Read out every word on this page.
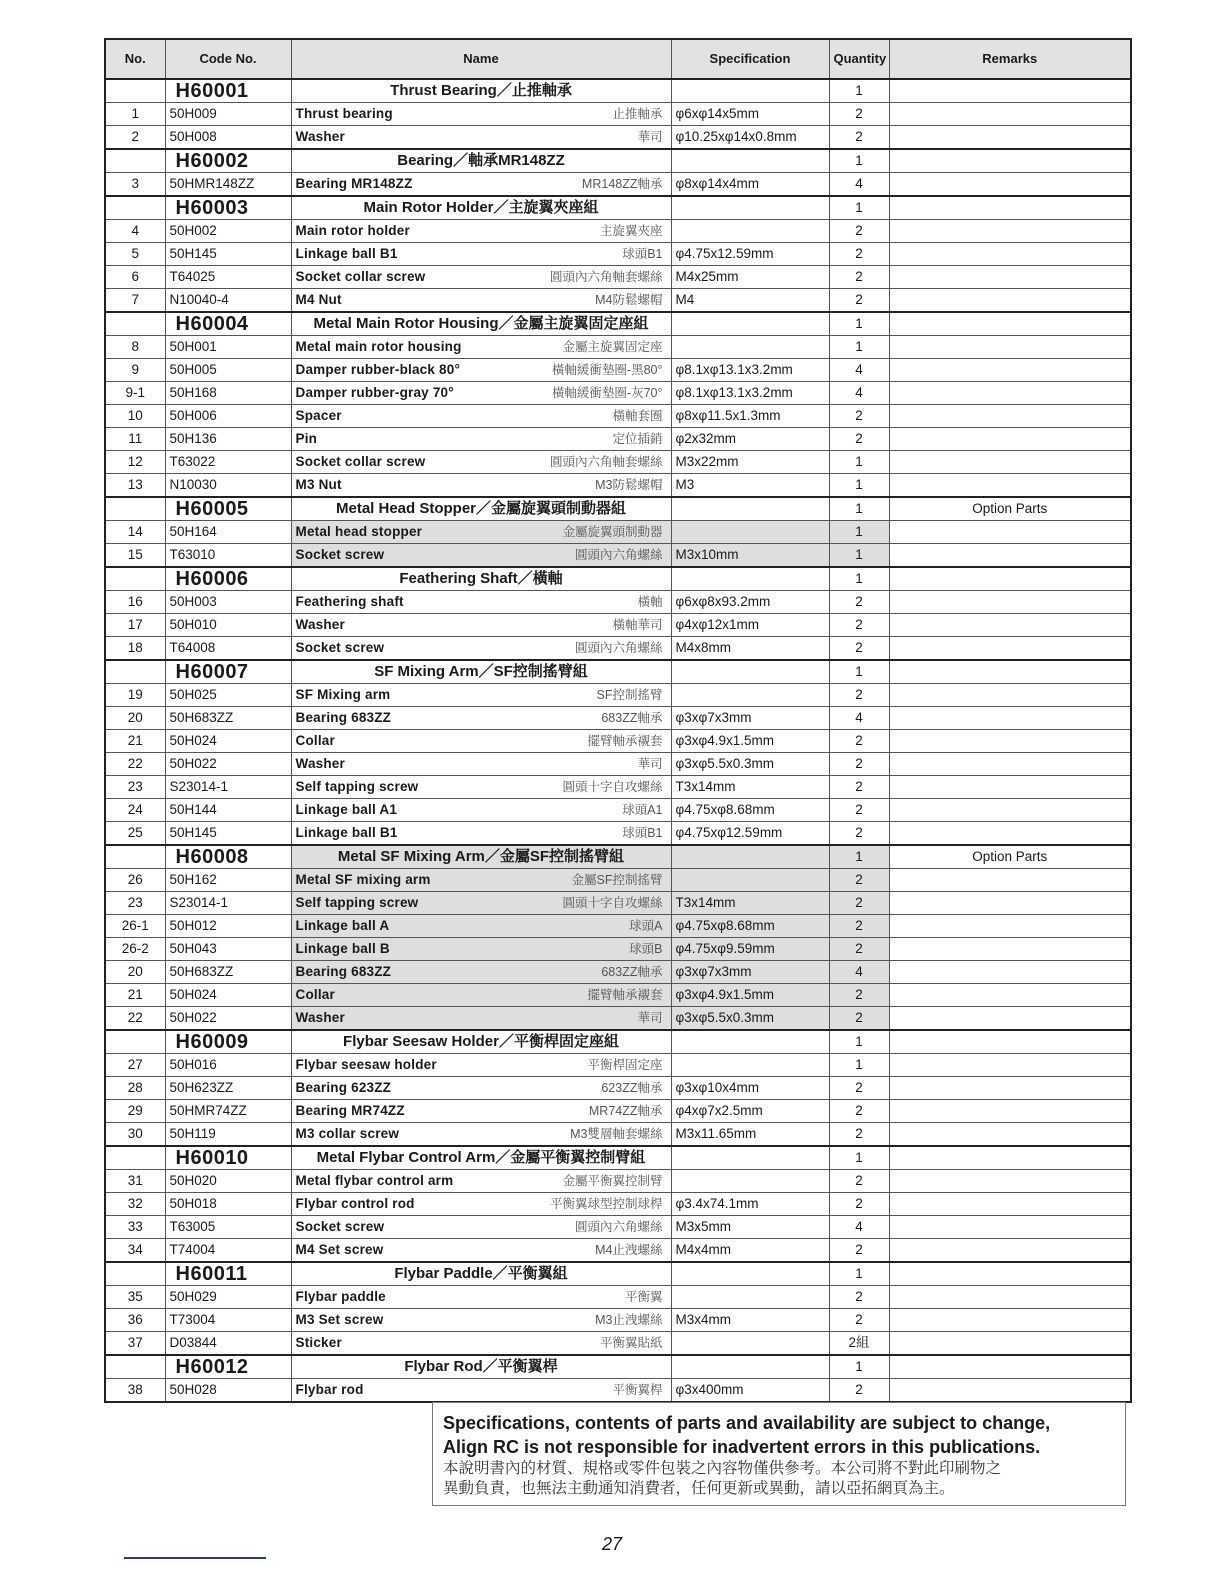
No.	Code No.	Name	Specification	Quantity	Remarks
	H60001	Thrust Bearing／止推軸承		1	
1	50H009	Thrust bearing 止推軸承	φ6xφ14x5mm	2	
2	50H008	Washer 華司	φ10.25xφ14x0.8mm	2	
	H60002	Bearing／軸承MR148ZZ		1	
3	50HMR148ZZ	Bearing MR148ZZ MR148ZZ軸承	φ8xφ14x4mm	4	
	H60003	Main Rotor Holder／主旋翼夾座組		1	
4	50H002	Main rotor holder 主旋翼夾座		2	
5	50H145	Linkage ball B1 球頭B1	φ4.75x12.59mm	2	
6	T64025	Socket collar screw 圓頭內六角軸套螺絲	M4x25mm	2	
7	N10040-4	M4 Nut M4防鬆螺帽	M4	2	
	H60004	Metal Main Rotor Housing／金屬主旋翼固定座組		1	
8	50H001	Metal main rotor housing 金屬主旋翼固定座		1	
9	50H005	Damper rubber-black 80° 橫軸緩衝墊圈-黑80°	φ8.1xφ13.1x3.2mm	4	
9-1	50H168	Damper rubber-gray 70° 橫軸緩衝墊圈-灰70°	φ8.1xφ13.1x3.2mm	4	
10	50H006	Spacer 橫軸套圈	φ8xφ11.5x1.3mm	2	
11	50H136	Pin 定位插銷	φ2x32mm	2	
12	T63022	Socket collar screw 圓頭內六角軸套螺絲	M3x22mm	1	
13	N10030	M3 Nut M3防鬆螺帽	M3	1	
	H60005	Metal Head Stopper／金屬旋翼頭制動器組		1	Option Parts
14	50H164	Metal head stopper 金屬旋翼頭制動器		1	
15	T63010	Socket screw 圓頭內六角螺絲	M3x10mm	1	
	H60006	Feathering Shaft／橫軸		1	
16	50H003	Feathering shaft 橫軸	φ6xφ8x93.2mm	2	
17	50H010	Washer 橫軸華司	φ4xφ12x1mm	2	
18	T64008	Socket screw 圓頭內六角螺絲	M4x8mm	2	
	H60007	SF Mixing Arm／SF控制搖臂組		1	
19	50H025	SF Mixing arm SF控制搖臂		2	
20	50H683ZZ	Bearing 683ZZ 683ZZ軸承	φ3xφ7x3mm	4	
21	50H024	Collar 擺臂軸承襯套	φ3xφ4.9x1.5mm	2	
22	50H022	Washer 華司	φ3xφ5.5x0.3mm	2	
23	S23014-1	Self tapping screw 圓頭十字自攻螺絲	T3x14mm	2	
24	50H144	Linkage ball A1 球頭A1	φ4.75xφ8.68mm	2	
25	50H145	Linkage ball B1 球頭B1	φ4.75xφ12.59mm	2	
	H60008	Metal SF Mixing Arm／金屬SF控制搖臂組		1	Option Parts
26	50H162	Metal SF mixing arm 金屬SF控制搖臂		2	
23	S23014-1	Self tapping screw 圓頭十字自攻螺絲	T3x14mm	2	
26-1	50H012	Linkage ball A 球頭A	φ4.75xφ8.68mm	2	
26-2	50H043	Linkage ball B 球頭B	φ4.75xφ9.59mm	2	
20	50H683ZZ	Bearing 683ZZ 683ZZ軸承	φ3xφ7x3mm	4	
21	50H024	Collar 擺臂軸承襯套	φ3xφ4.9x1.5mm	2	
22	50H022	Washer 華司	φ3xφ5.5x0.3mm	2	
	H60009	Flybar Seesaw Holder／平衡桿固定座組		1	
27	50H016	Flybar seesaw holder 平衡桿固定座		1	
28	50H623ZZ	Bearing 623ZZ 623ZZ軸承	φ3xφ10x4mm	2	
29	50HMR74ZZ	Bearing MR74ZZ MR74ZZ軸承	φ4xφ7x2.5mm	2	
30	50H119	M3 collar screw M3雙層軸套螺絲	M3x11.65mm	2	
	H60010	Metal Flybar Control Arm／金屬平衡翼控制臂組		1	
31	50H020	Metal flybar control arm 金屬平衡翼控制臂		2	
32	50H018	Flybar control rod 平衡翼球型控制球桿	φ3.4x74.1mm	2	
33	T63005	Socket screw 圓頭內六角螺絲	M3x5mm	4	
34	T74004	M4 Set screw M4止洩螺絲	M4x4mm	2	
	H60011	Flybar Paddle／平衡翼組		1	
35	50H029	Flybar paddle 平衡翼		2	
36	T73004	M3 Set screw M3止洩螺絲	M3x4mm	2	
37	D03844	Sticker 平衡翼貼紙		2組	
	H60012	Flybar Rod／平衡翼桿		1	
38	50H028	Flybar rod 平衡翼桿	φ3x400mm	2	
Specifications, contents of parts and availability are subject to change,
Align RC is not responsible for inadvertent errors in this publications.
本說明書內的材質、規格或零件包裝之內容物僅供參考。本公司將不對此印刷物之
異動負責，也無法主動通知消費者，任何更新或異動，請以亞拓網頁為主。
27
